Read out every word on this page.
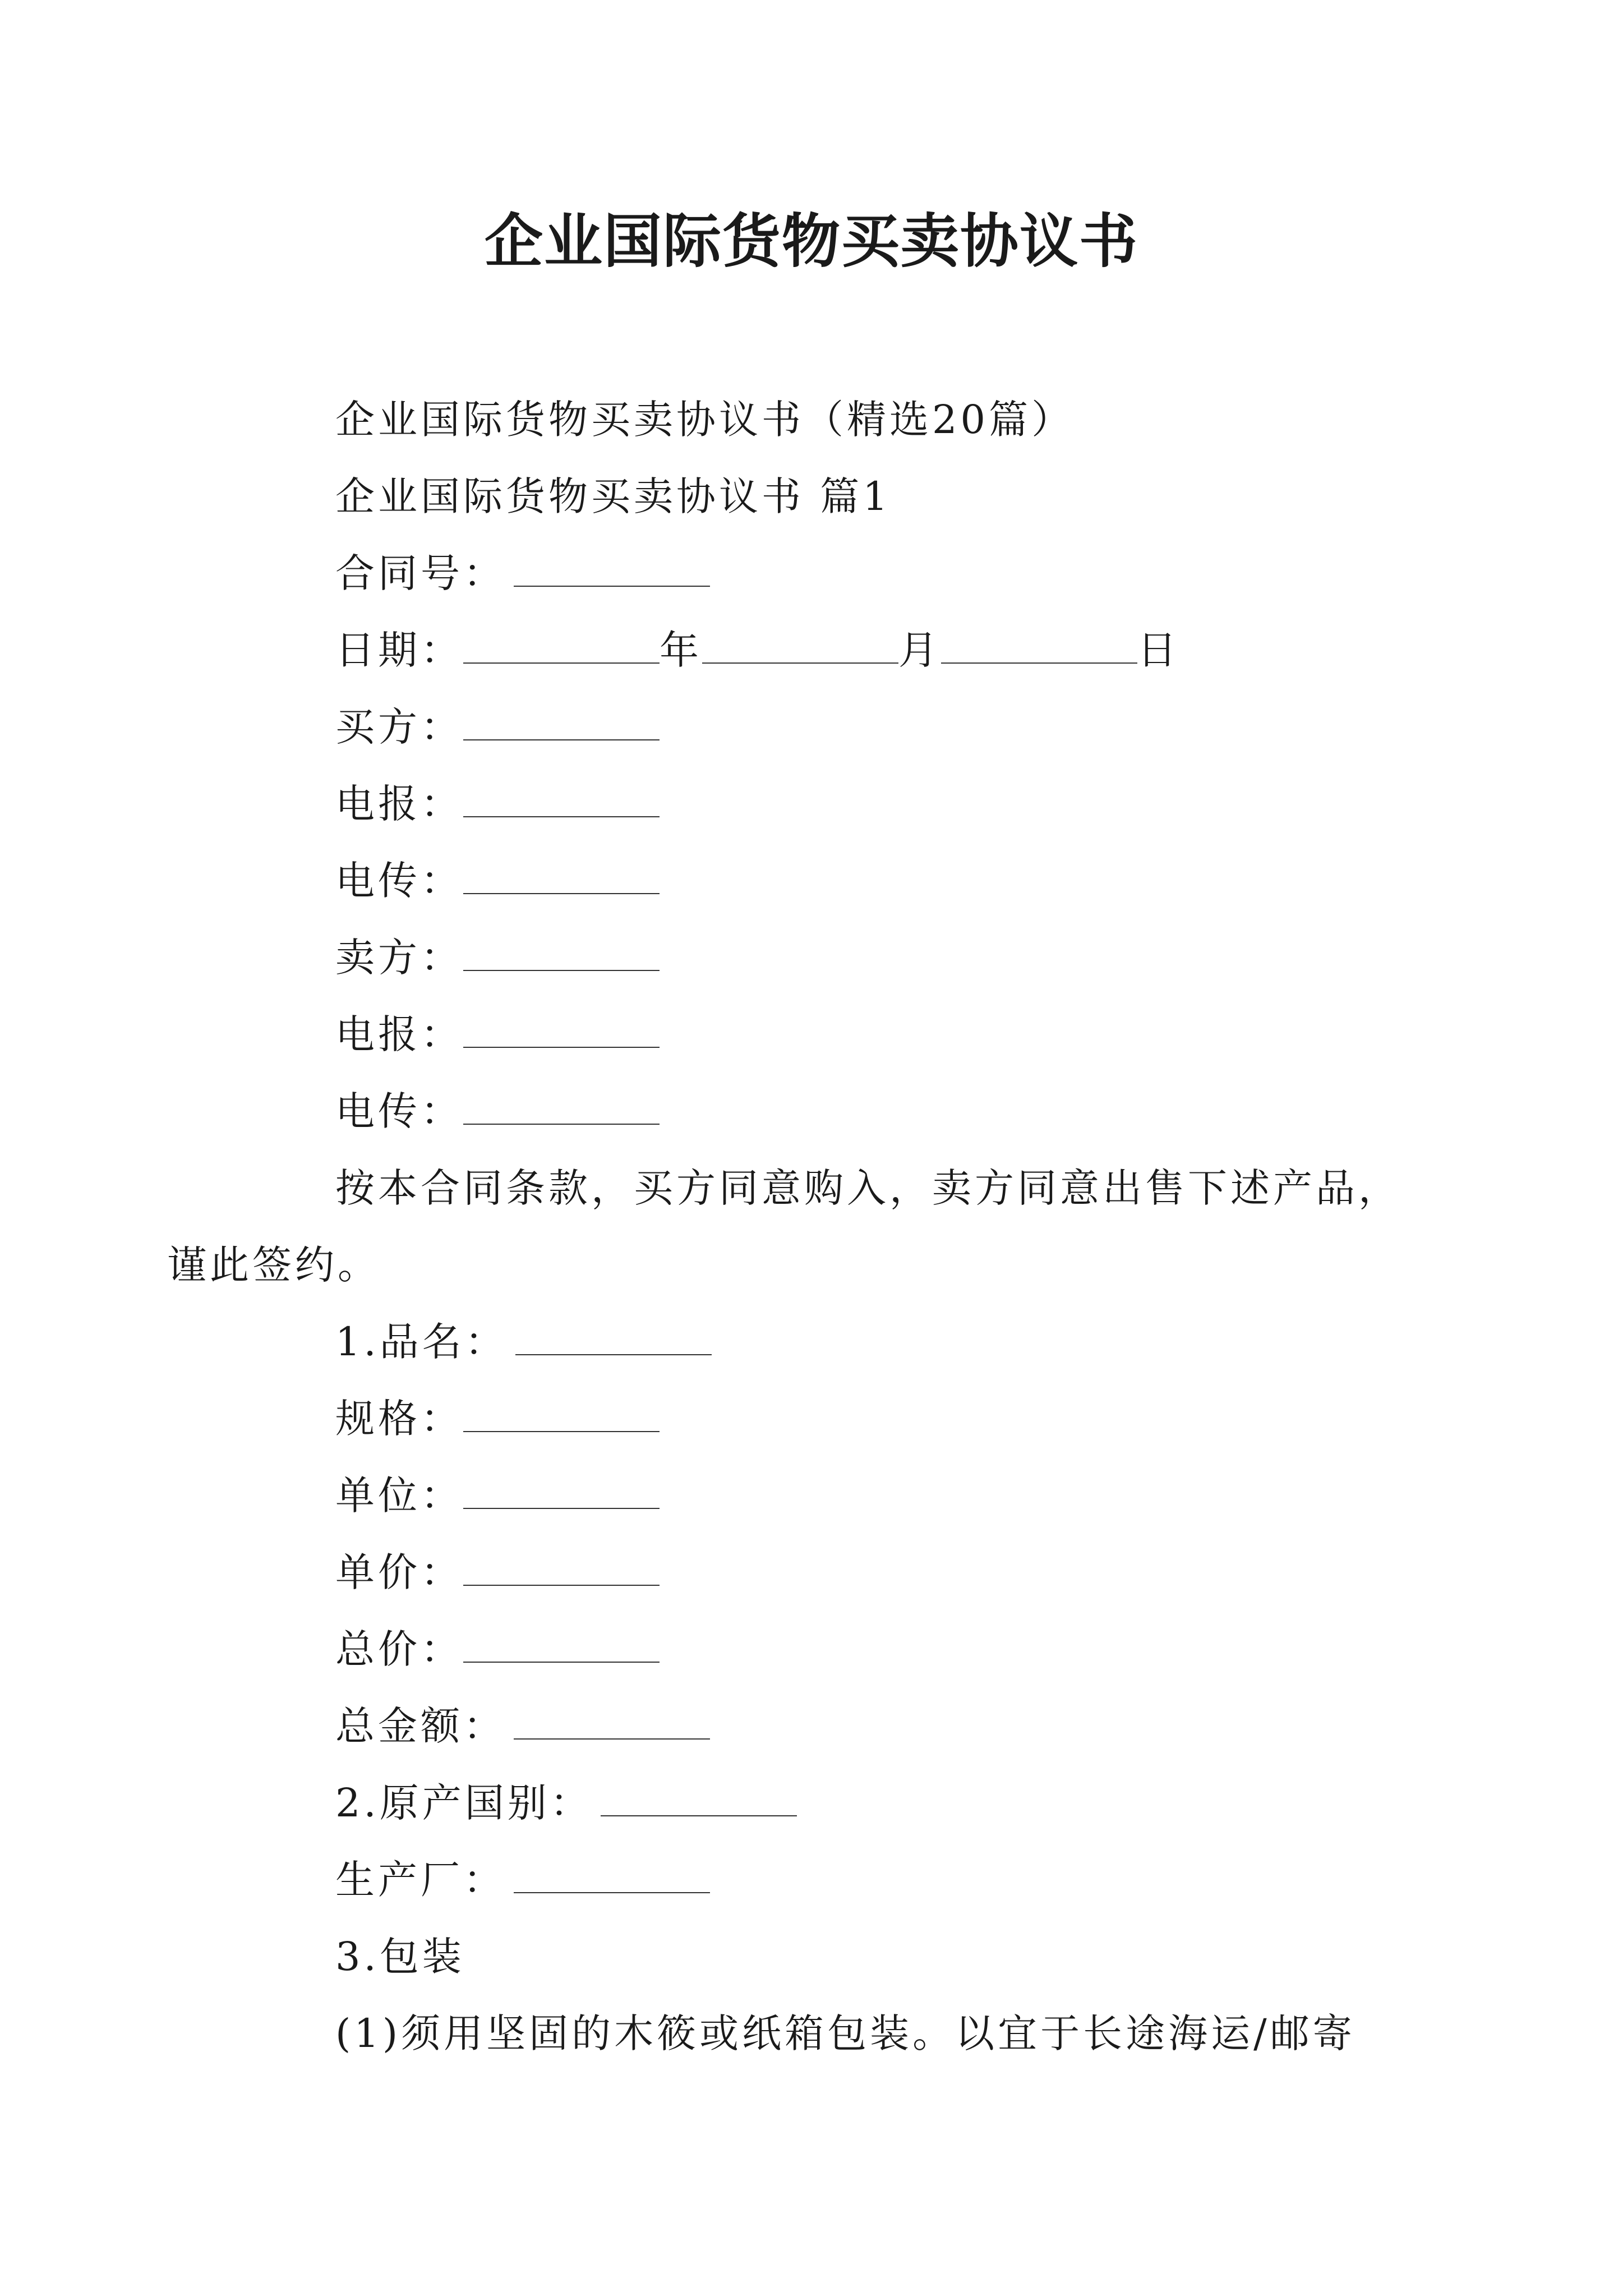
企业国际货物买卖协议书
企业国际货物买卖协议书（精选20篇）
企业国际货物买卖协议书 篇1
合同号：
日期：	年	月	日
买方：
电报：
电传：
卖方：
电报：
电传：
按本合同条款，买方同意购入，卖方同意出售下述产品，
谨此签约。
1.品名：
规格：
单位：
单价：
总价：
总金额：
2.原产国别：
生产厂：
3.包装
(1)须用坚固的木筱或纸箱包装。以宜于长途海运/邮寄
